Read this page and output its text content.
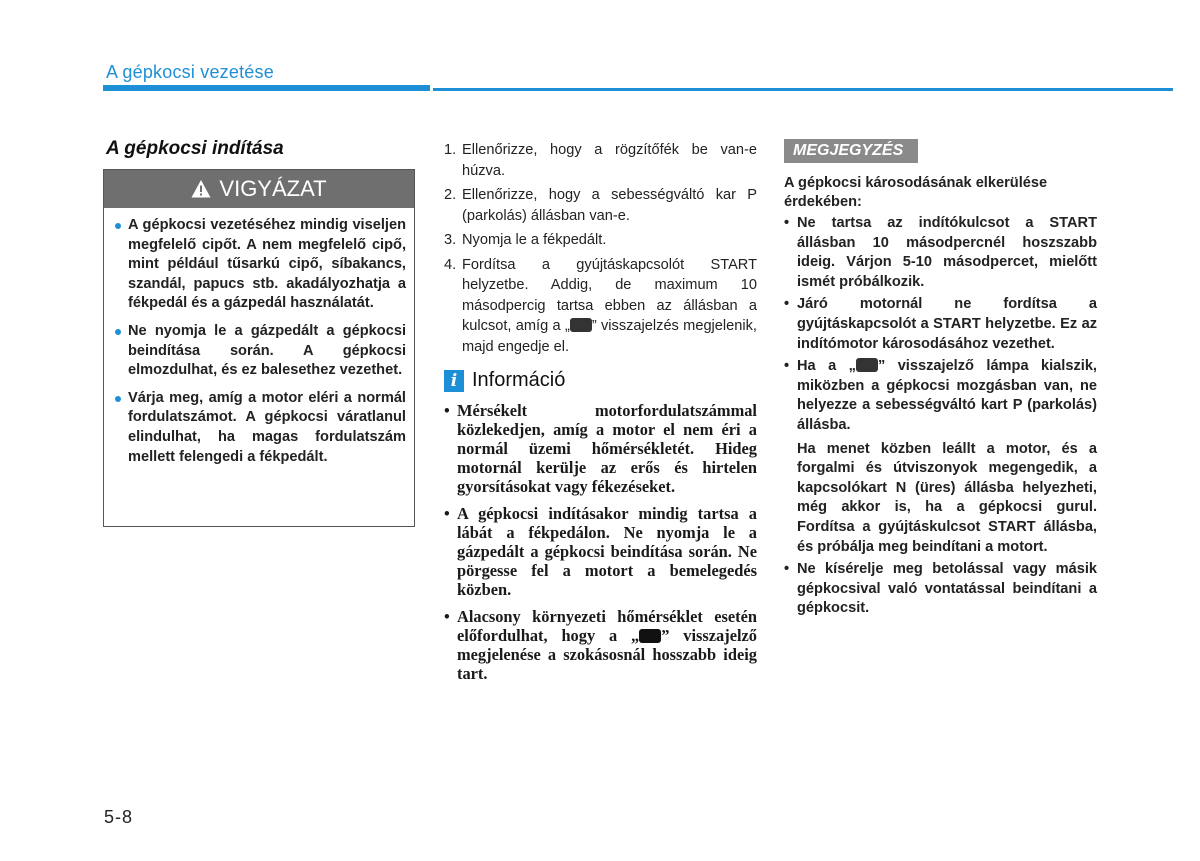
A gépkocsi vezetése
A gépkocsi indítása
VIGYÁZAT
A gépkocsi vezetéséhez mindig viseljen megfelelő cipőt. A nem megfelelő cipő, mint például tűsarkú cipő, síbakancs, szandál, papucs stb. akadályozhatja a fékpedál és a gázpedál használatát.
Ne nyomja le a gázpedált a gépkocsi beindítása során. A gépkocsi elmozdulhat, és ez balesethez vezethet.
Várja meg, amíg a motor eléri a normál fordulatszámot. A gépkocsi váratlanul elindulhat, ha magas fordulatszám mellett felengedi a fékpedált.
1. Ellenőrizze, hogy a rögzítőfék be van-e húzva.
2. Ellenőrizze, hogy a sebességváltó kar P (parkolás) állásban van-e.
3. Nyomja le a fékpedált.
4. Fordítsa a gyújtáskapcsolót START helyzetbe. Addig, de maximum 10 másodpercig tartsa ebben az állásban a kulcsot, amíg a „ ” visszajelzés megjelenik, majd engedje el.
i Információ
• Mérsékelt motorfordulatszámmal közlekedjen, amíg a motor el nem éri a normál üzemi hőmérsékletét. Hideg motornál kerülje az erős és hirtelen gyorsításokat vagy fékezéseket.
• A gépkocsi indításakor mindig tartsa a lábát a fékpedálon. Ne nyomja le a gázpedált a gépkocsi beindítása során. Ne pörgesse fel a motort a bemelegedés közben.
• Alacsony környezeti hőmérséklet esetén előfordulhat, hogy a „ ” visszajelző megjelenése a szokásosnál hosszabb ideig tart.
MEGJEGYZÉS
A gépkocsi károsodásának elkerülése érdekében:
• Ne tartsa az indítókulcsot a START állásban 10 másodpercnél hoszszabb ideig. Várjon 5-10 másodpercet, mielőtt ismét próbálkozik.
• Járó motornál ne fordítsa a gyújtáskapcsolót a START helyzetbe. Ez az indítómotor károsodásához vezethet.
• Ha a „ ” visszajelző lámpa kialszik, miközben a gépkocsi mozgásban van, ne helyezze a sebességváltó kart P (parkolás) állásba.
Ha menet közben leállt a motor, és a forgalmi és útviszonyok megengedik, a kapcsolókart N (üres) állásba helyezheti, még akkor is, ha a gépkocsi gurul. Fordítsa a gyújtáskulcsot START állásba, és próbálja meg beindítani a motort.
• Ne kísérelje meg betolással vagy másik gépkocsival való vontatással beindítani a gépkocsit.
5-8
